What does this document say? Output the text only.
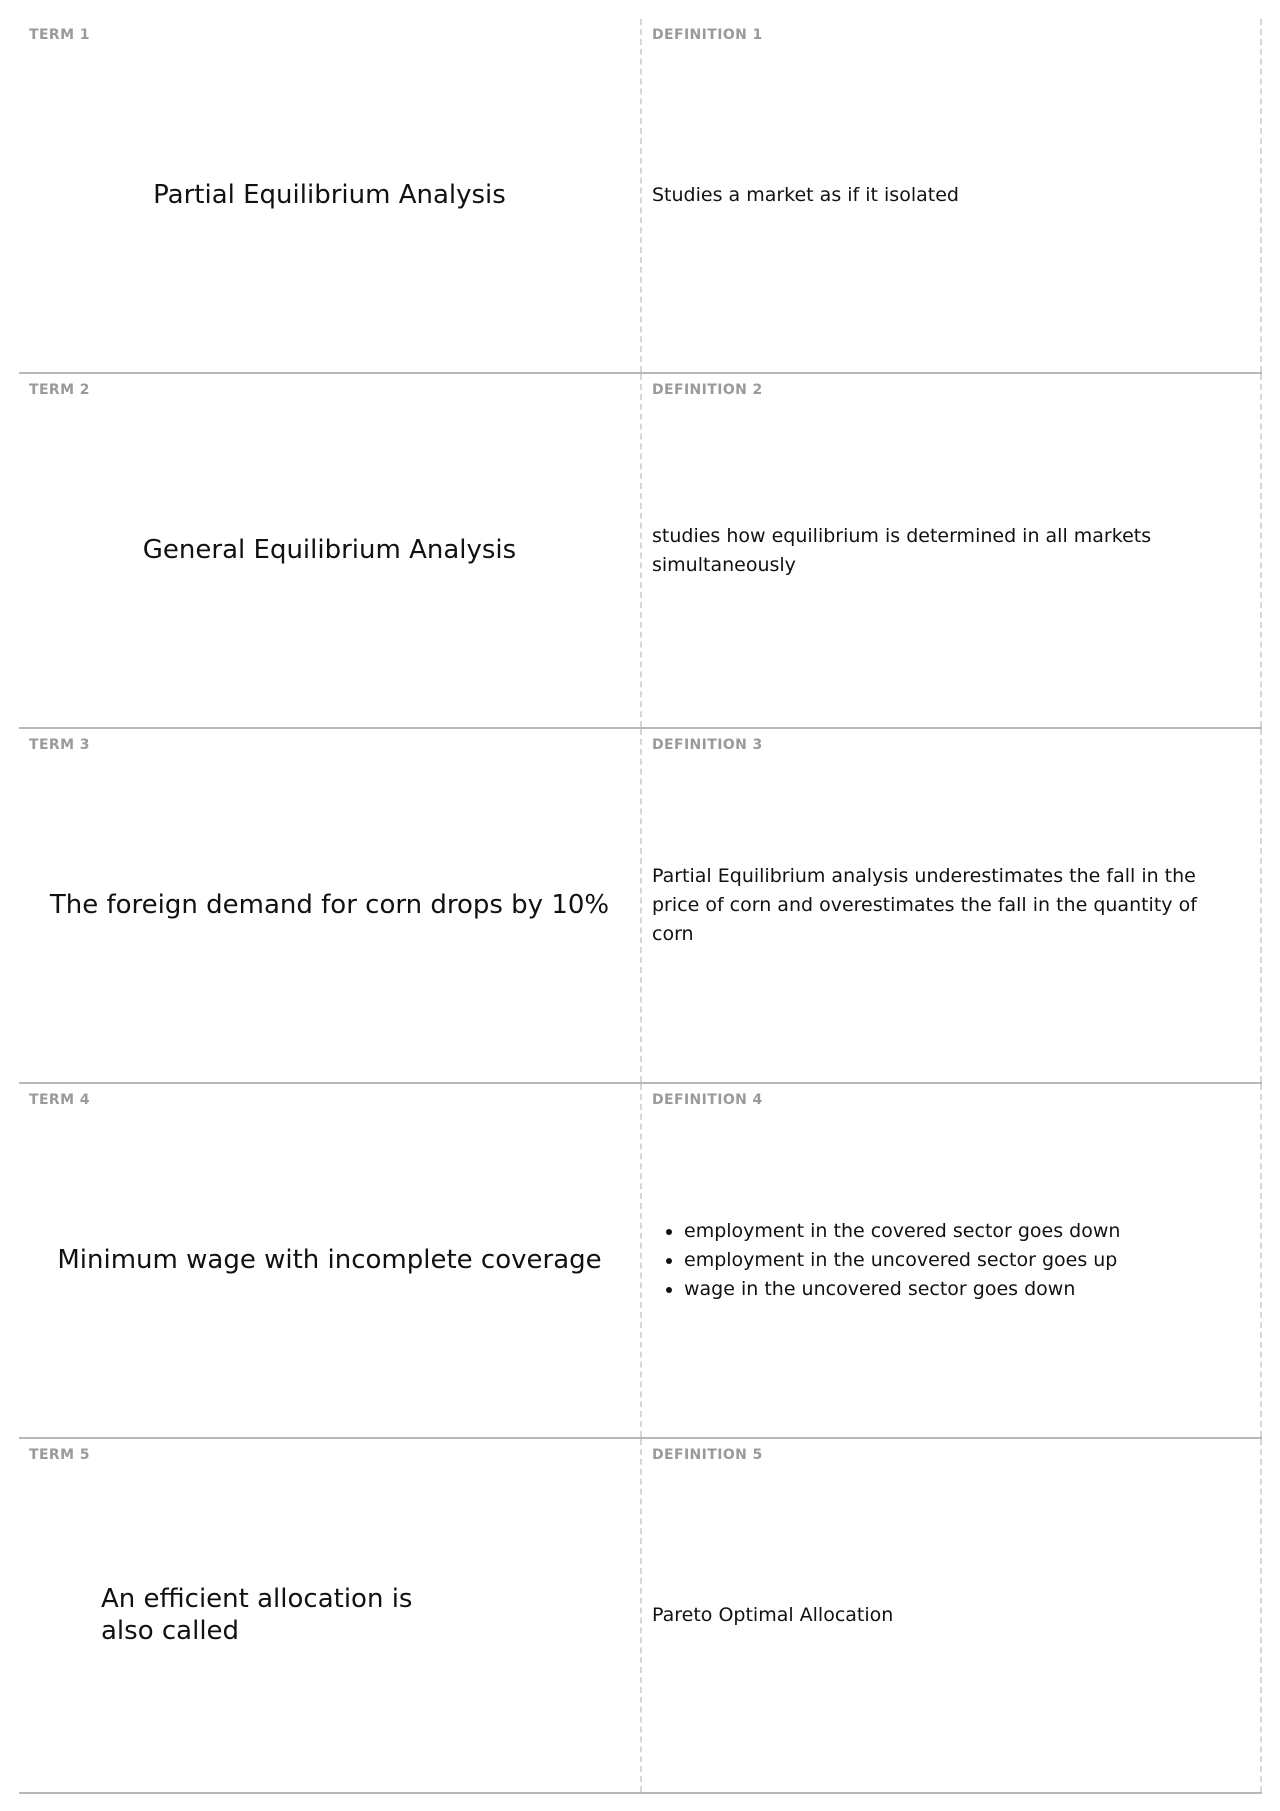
TERM 1
Partial Equilibrium Analysis
DEFINITION 1
Studies a market as if it isolated
TERM 2
General Equilibrium Analysis
DEFINITION 2
studies how equilibrium is determined in all markets simultaneously
TERM 3
The foreign demand for corn drops by 10%
DEFINITION 3
Partial Equilibrium analysis underestimates the fall in the price of corn and overestimates the fall in the quantity of corn
TERM 4
Minimum wage with incomplete coverage
DEFINITION 4
• employment in the covered sector goes down
• employment in the uncovered sector goes up
• wage in the uncovered sector goes down
TERM 5
An efficient allocation is also called
DEFINITION 5
Pareto Optimal Allocation
